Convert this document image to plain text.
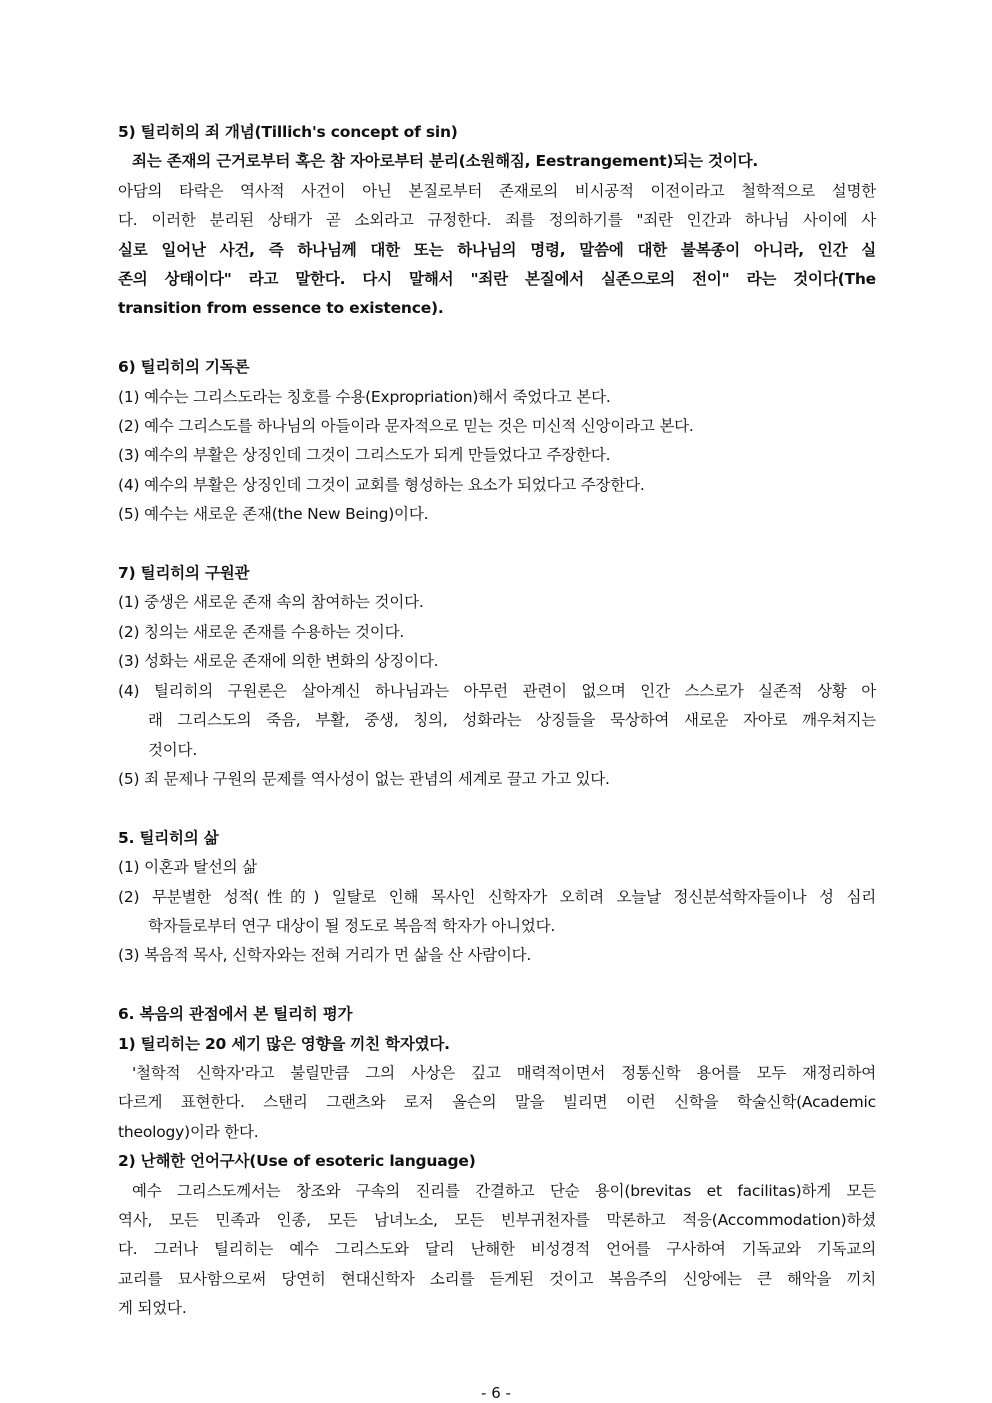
5) 틸리히의 죄 개념(Tillich's concept of sin)
죄는 존재의 근거로부터 혹은 참 자아로부터 분리(소원해짐, Eestrangement)되는 것이다.
아담의 타락은 역사적 사건이 아닌 본질로부터 존재로의 비시공적 이전이라고 철학적으로 설명한
다. 이러한 분리된 상태가 곧 소외라고 규정한다. 죄를 정의하기를 "죄란 인간과 하나님 사이에 사
실로 일어난 사건, 즉 하나님께 대한 또는 하나님의 명령, 말씀에 대한 불복종이 아니라, 인간 실
존의 상태이다" 라고 말한다. 다시 말해서 "죄란 본질에서 실존으로의 전이" 라는 것이다(The
transition from essence to existence).
6) 틸리히의 기독론
(1) 예수는 그리스도라는 칭호를 수용(Expropriation)해서 죽었다고 본다.
(2) 예수 그리스도를 하나님의 아들이라 문자적으로 믿는 것은 미신적 신앙이라고 본다.
(3) 예수의 부활은 상징인데 그것이 그리스도가 되게 만들었다고 주장한다.
(4) 예수의 부활은 상징인데 그것이 교회를 형성하는 요소가 되었다고 주장한다.
(5) 예수는 새로운 존재(the New Being)이다.
7) 틸리히의 구원관
(1) 중생은 새로운 존재 속의 참여하는 것이다.
(2) 칭의는 새로운 존재를 수용하는 것이다.
(3) 성화는 새로운 존재에 의한 변화의 상징이다.
(4) 틸리히의 구원론은 살아계신 하나님과는 아무런 관련이 없으며 인간 스스로가 실존적 상황 아
래 그리스도의 죽음, 부활, 중생, 칭의, 성화라는 상징들을 묵상하여 새로운 자아로 깨우쳐지는
것이다.
(5) 죄 문제나 구원의 문제를 역사성이 없는 관념의 세계로 끌고 가고 있다.
5. 틸리히의 삶
(1) 이혼과 탈선의 삶
(2) 무분별한 성적(性的) 일탈로 인해 목사인 신학자가 오히려 오늘날 정신분석학자들이나 성 심리
학자들로부터 연구 대상이 될 정도로 복음적 학자가 아니었다.
(3) 복음적 목사, 신학자와는 전혀 거리가 먼 삶을 산 사람이다.
6. 복음의 관점에서 본 틸리히 평가
1) 틸리히는 20 세기 많은 영향을 끼친 학자였다.
'철학적 신학자'라고 불릴만큼 그의 사상은 깊고 매력적이면서 정통신학 용어를 모두 재정리하여
다르게 표현한다. 스탠리 그랜츠와 로저 올슨의 말을 빌리면 이런 신학을 학술신학(Academic
theology)이라 한다.
2) 난해한 언어구사(Use of esoteric language)
예수 그리스도께서는 창조와 구속의 진리를 간결하고 단순 용이(brevitas et facilitas)하게 모든
역사, 모든 민족과 인종, 모든 남녀노소, 모든 빈부귀천자를 막론하고 적응(Accommodation)하셨
다. 그러나 틸리히는 예수 그리스도와 달리 난해한 비성경적 언어를 구사하여 기독교와 기독교의
교리를 묘사함으로써 당연히 현대신학자 소리를 듣게된 것이고 복음주의 신앙에는 큰 해악을 끼치
게 되었다.
- 6 -
